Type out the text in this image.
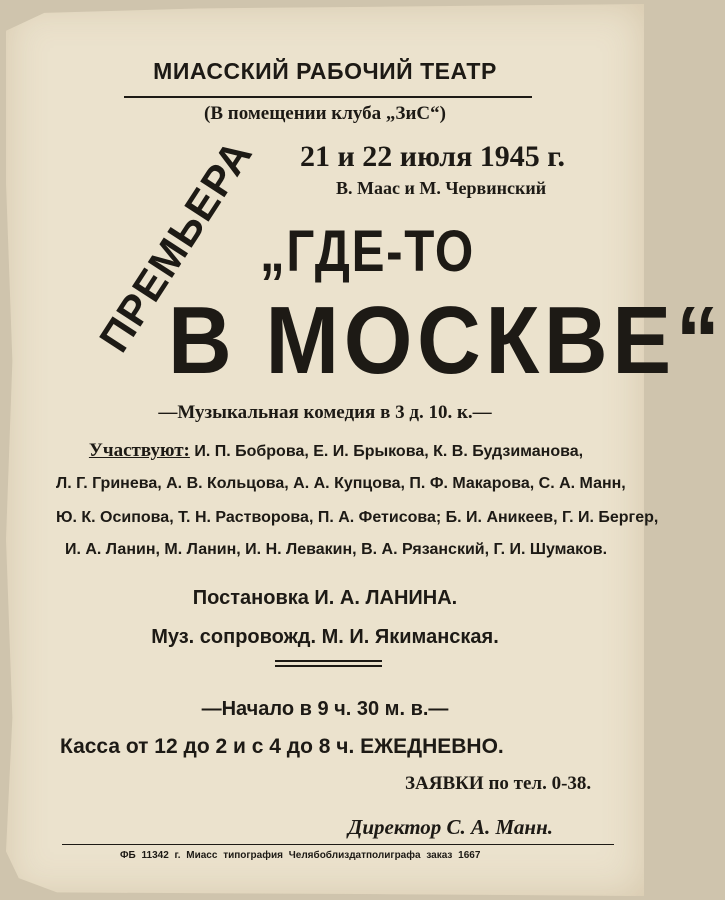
МИАССКИЙ РАБОЧИЙ ТЕАТР
(В помещении клуба „ЗиС“)
ПРЕМЬЕРА 21 и 22 июля 1945 г.
В. Маас и М. Червинский
„ГДЕ-ТО
В МОСКВЕ“
—Музыкальная комедия в 3 д. 10. к.—
Участвуют: И. П. Боброва, Е. И. Брыкова, К. В. Будзиманова,
Л. Г. Гринева, А. В. Кольцова, А. А. Купцова, П. Ф. Макарова, С. А. Манн,
Ю. К. Осипова, Т. Н. Растворова, П. А. Фетисова; Б. И. Аникеев, Г. И. Бергер,
И. А. Ланин, М. Ланин, И. Н. Левакин, В. А. Рязанский, Г. И. Шумаков.
Постановка И. А. ЛАНИНА.
Муз. сопровожд. М. И. Якиманская.
—Начало в 9 ч. 30 м. в.—
Касса от 12 до 2 и с 4 до 8 ч. ЕЖЕДНЕВНО.
ЗАЯВКИ по тел. 0-38.
Директор С. А. Манн.
ФБ 11342 г. Миасс типография Челябоблиздатполиграфа заказ 1667
